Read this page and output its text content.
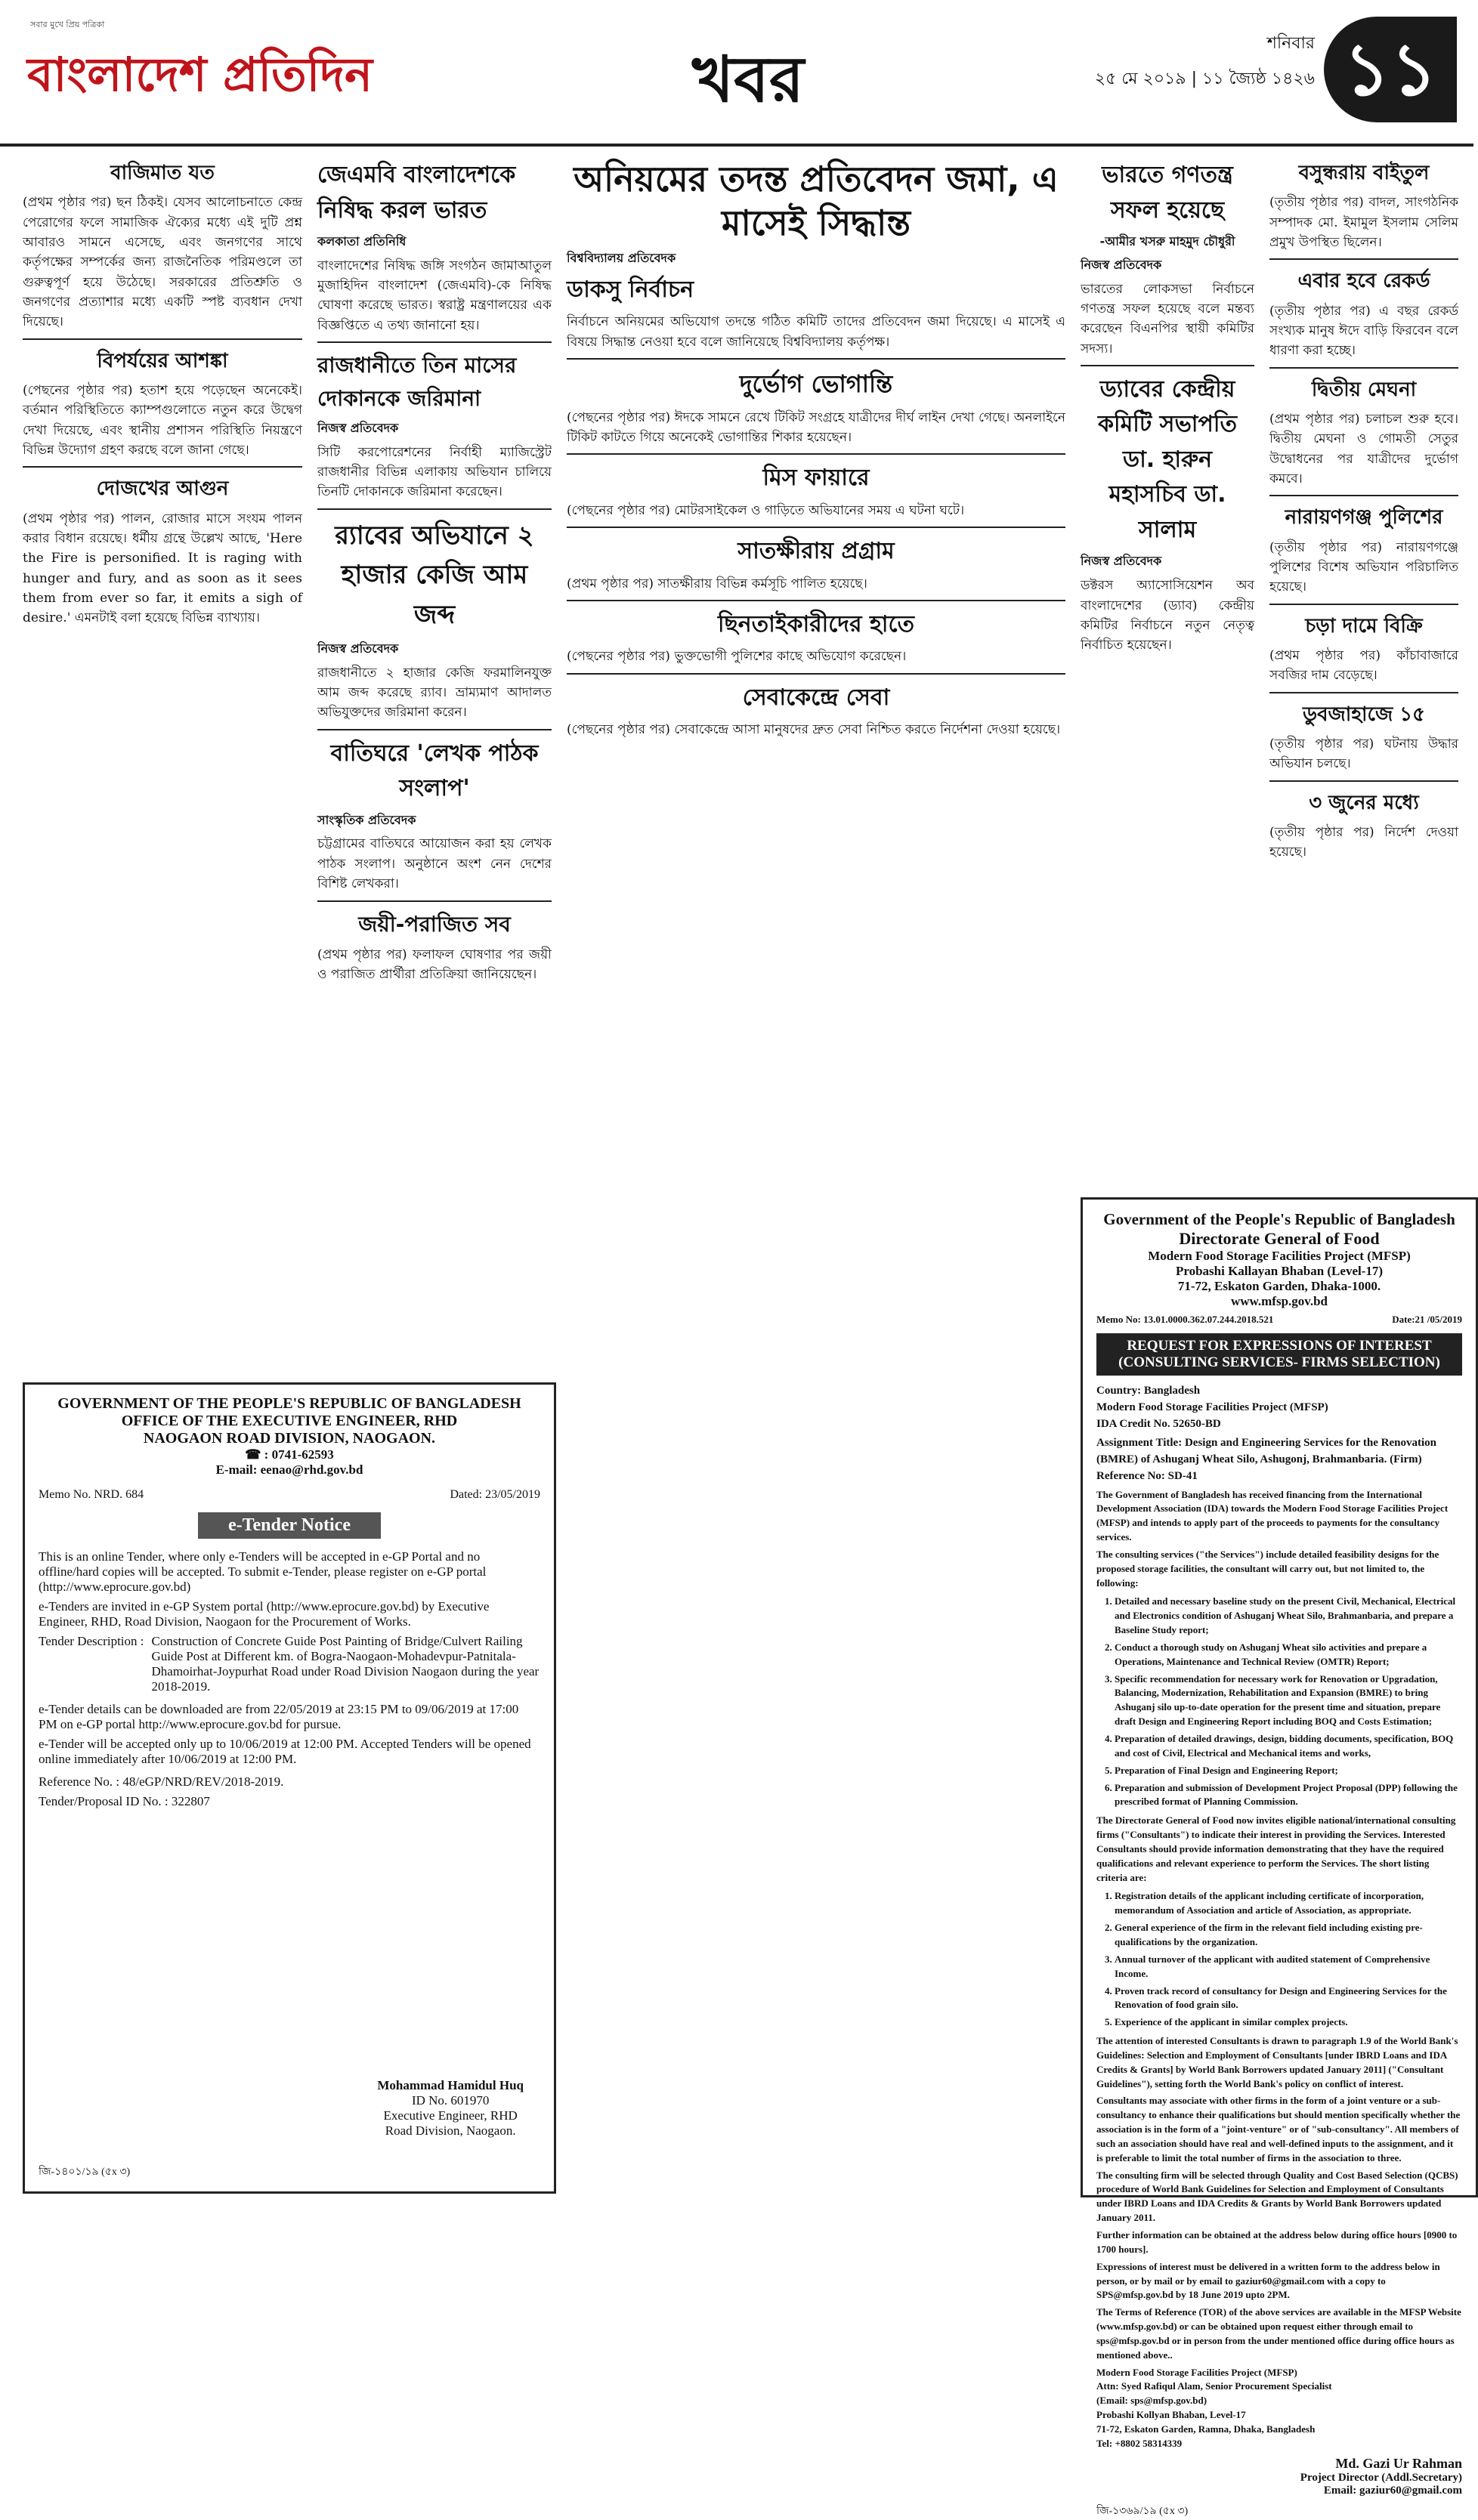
সবার মুখে প্রিয় পত্রিকা
বাংলাদেশ প্রতিদিন	খবর	শনিবার
২৫ মে ২০১৯ | ১১ জ্যৈষ্ঠ ১৪২৬ ১১
বাজিমাত যত

(প্রথম পৃষ্ঠার পর) ছন ঠিকই। যেসব আলোচনাতে কেন্দ্র পেরোগের ফলে সামাজিক ঐক্যের মধ্যে এই দুটি প্রশ্ন আবারও সামনে এসেছে, এবং জনগণের সাথে কর্তৃপক্ষের সম্পর্কের জন্য রাজনৈতিক পরিমণ্ডলে তা গুরুত্বপূর্ণ হয়ে উঠেছে। সরকারের প্রতিশ্রুতি ও জনগণের প্রত্যাশার মধ্যে একটি স্পষ্ট ব্যবধান দেখা দিয়েছে।

বিপর্যয়ের আশঙ্কা

(পেছনের পৃষ্ঠার পর) হতাশ হয়ে পড়েছেন অনেকেই। বর্তমান পরিস্থিতিতে ক্যাম্পগুলোতে নতুন করে উদ্বেগ দেখা দিয়েছে, এবং স্থানীয় প্রশাসন পরিস্থিতি নিয়ন্ত্রণে বিভিন্ন উদ্যোগ গ্রহণ করছে বলে জানা গেছে।

দোজখের আগুন

(প্রথম পৃষ্ঠার পর) পালন, রোজার মাসে সংযম পালন করার বিধান রয়েছে। ধর্মীয় গ্রন্থে উল্লেখ আছে, 'Here the Fire is personified. It is raging with hunger and fury, and as soon as it sees them from ever so far, it emits a sigh of desire.' এমনটাই বলা হয়েছে বিভিন্ন ব্যাখ্যায়।

জেএমবি বাংলাদেশকে নিষিদ্ধ করল ভারত
কলকাতা প্রতিনিধি

বাংলাদেশের নিষিদ্ধ জঙ্গি সংগঠন জামাআতুল মুজাহিদিন বাংলাদেশ (জেএমবি)-কে নিষিদ্ধ ঘোষণা করেছে ভারত। স্বরাষ্ট্র মন্ত্রণালয়ের এক বিজ্ঞপ্তিতে এ তথ্য জানানো হয়।

রাজধানীতে তিন মাসের দোকানকে জরিমানা
নিজস্ব প্রতিবেদক

সিটি করপোরেশনের নির্বাহী ম্যাজিস্ট্রেট রাজধানীর বিভিন্ন এলাকায় অভিযান চালিয়ে তিনটি দোকানকে জরিমানা করেছেন।

র‍্যাবের অভিযানে ২ হাজার কেজি আম জব্দ
নিজস্ব প্রতিবেদক

রাজধানীতে ২ হাজার কেজি ফরমালিনযুক্ত আম জব্দ করেছে র‍্যাব। ভ্রাম্যমাণ আদালত অভিযুক্তদের জরিমানা করেন।

বাতিঘরে 'লেখক পাঠক সংলাপ'
সাংস্কৃতিক প্রতিবেদক

চট্টগ্রামের বাতিঘরে আয়োজন করা হয় লেখক পাঠক সংলাপ। অনুষ্ঠানে অংশ নেন দেশের বিশিষ্ট লেখকরা।

জয়ী-পরাজিত সব

(প্রথম পৃষ্ঠার পর) ফলাফল ঘোষণার পর জয়ী ও পরাজিত প্রার্থীরা প্রতিক্রিয়া জানিয়েছেন।

অনিয়মের তদন্ত প্রতিবেদন জমা, এ মাসেই সিদ্ধান্ত
বিশ্ববিদ্যালয় প্রতিবেদক
ডাকসু নির্বাচন

নির্বাচনে অনিয়মের অভিযোগ তদন্তে গঠিত কমিটি তাদের প্রতিবেদন জমা দিয়েছে। এ মাসেই এ বিষয়ে সিদ্ধান্ত নেওয়া হবে বলে জানিয়েছে বিশ্ববিদ্যালয় কর্তৃপক্ষ।

দুর্ভোগ ভোগান্তি

(পেছনের পৃষ্ঠার পর) ঈদকে সামনে রেখে টিকিট সংগ্রহে যাত্রীদের দীর্ঘ লাইন দেখা গেছে। অনলাইনে টিকিট কাটতে গিয়ে অনেকেই ভোগান্তির শিকার হয়েছেন।

মিস ফায়ারে

(পেছনের পৃষ্ঠার পর) মোটরসাইকেল ও গাড়িতে অভিযানের সময় এ ঘটনা ঘটে।

সাতক্ষীরায় প্রগ্রাম

(প্রথম পৃষ্ঠার পর) সাতক্ষীরায় বিভিন্ন কর্মসূচি পালিত হয়েছে।

ছিনতাইকারীদের হাতে

(পেছনের পৃষ্ঠার পর) ভুক্তভোগী পুলিশের কাছে অভিযোগ করেছেন।

সেবাকেন্দ্রে সেবা

(পেছনের পৃষ্ঠার পর) সেবাকেন্দ্রে আসা মানুষদের দ্রুত সেবা নিশ্চিত করতে নির্দেশনা দেওয়া হয়েছে।

ভারতে গণতন্ত্র সফল হয়েছে
-আমীর খসরু মাহমুদ চৌধুরী
নিজস্ব প্রতিবেদক

ভারতের লোকসভা নির্বাচনে গণতন্ত্র সফল হয়েছে বলে মন্তব্য করেছেন বিএনপির স্থায়ী কমিটির সদস্য।

ড্যাবের কেন্দ্রীয় কমিটি সভাপতি ডা. হারুন মহাসচিব ডা. সালাম
নিজস্ব প্রতিবেদক

ডক্টরস অ্যাসোসিয়েশন অব বাংলাদেশের (ড্যাব) কেন্দ্রীয় কমিটির নির্বাচনে নতুন নেতৃত্ব নির্বাচিত হয়েছেন।

বসুন্ধরায় বাইতুল

(তৃতীয় পৃষ্ঠার পর) বাদল, সাংগঠনিক সম্পাদক মো. ইমামুল ইসলাম সেলিম প্রমুখ উপস্থিত ছিলেন।

এবার হবে রেকর্ড

(তৃতীয় পৃষ্ঠার পর) এ বছর রেকর্ড সংখ্যক মানুষ ঈদে বাড়ি ফিরবেন বলে ধারণা করা হচ্ছে।

দ্বিতীয় মেঘনা

(প্রথম পৃষ্ঠার পর) চলাচল শুরু হবে। দ্বিতীয় মেঘনা ও গোমতী সেতুর উদ্বোধনের পর যাত্রীদের দুর্ভোগ কমবে।

নারায়ণগঞ্জ পুলিশের

(তৃতীয় পৃষ্ঠার পর) নারায়ণগঞ্জে পুলিশের বিশেষ অভিযান পরিচালিত হয়েছে।

চড়া দামে বিক্রি

(প্রথম পৃষ্ঠার পর) কাঁচাবাজারে সবজির দাম বেড়েছে।

ডুবজাহাজে ১৫

(তৃতীয় পৃষ্ঠার পর) ঘটনায় উদ্ধার অভিযান চলছে।

৩ জুনের মধ্যে

(তৃতীয় পৃষ্ঠার পর) নির্দেশ দেওয়া হয়েছে।

Government of the People's Republic of Bangladesh
Directorate General of Food
Modern Food Storage Facilities Project (MFSP)
Probashi Kallayan Bhaban (Level-17)
71-72, Eskaton Garden, Dhaka-1000.
www.mfsp.gov.bd
Memo No: 13.01.0000.362.07.244.2018.521	Date:21 /05/2019
REQUEST FOR EXPRESSIONS OF INTEREST (CONSULTING SERVICES- FIRMS SELECTION)
Country: Bangladesh
Modern Food Storage Facilities Project (MFSP)
IDA Credit No. 52650-BD
Assignment Title: Design and Engineering Services for the Renovation (BMRE) of Ashuganj Wheat Silo, Ashugonj, Brahmanbaria. (Firm)
Reference No: SD-41
The Government of Bangladesh has received financing from the International Development Association (IDA) towards the Modern Food Storage Facilities Project (MFSP) and intends to apply part of the proceeds to payments for the consultancy services.
The consulting services ("the Services") include detailed feasibility designs for the proposed storage facilities, the consultant will carry out, but not limited to, the following:
1. Detailed and necessary baseline study on the present Civil, Mechanical, Electrical and Electronics condition of Ashuganj Wheat Silo, Brahmanbaria, and prepare a Baseline Study report;
2. Conduct a thorough study on Ashuganj Wheat silo activities and prepare a Operations, Maintenance and Technical Review (OMTR) Report;
3. Specific recommendation for necessary work for Renovation or Upgradation, Balancing, Modernization, Rehabilitation and Expansion (BMRE) to bring Ashuganj silo up-to-date operation for the present time and situation, prepare draft Design and Engineering Report including BOQ and Costs Estimation;
4. Preparation of detailed drawings, design, bidding documents, specification, BOQ and cost of Civil, Electrical and Mechanical items and works,
5. Preparation of Final Design and Engineering Report;
6. Preparation and submission of Development Project Proposal (DPP) following the prescribed format of Planning Commission.
The Directorate General of Food now invites eligible national/international consulting firms ("Consultants") to indicate their interest in providing the Services. Interested Consultants should provide information demonstrating that they have the required qualifications and relevant experience to perform the Services. The short listing criteria are:
1. Registration details of the applicant including certificate of incorporation, memorandum of Association and article of Association, as appropriate.
2. General experience of the firm in the relevant field including existing pre-qualifications by the organization.
3. Annual turnover of the applicant with audited statement of Comprehensive Income.
4. Proven track record of consultancy for Design and Engineering Services for the Renovation of food grain silo.
5. Experience of the applicant in similar complex projects.
The attention of interested Consultants is drawn to paragraph 1.9 of the World Bank's Guidelines: Selection and Employment of Consultants [under IBRD Loans and IDA Credits & Grants] by World Bank Borrowers updated January 2011] ("Consultant Guidelines"), setting forth the World Bank's policy on conflict of interest.
Consultants may associate with other firms in the form of a joint venture or a sub-consultancy to enhance their qualifications but should mention specifically whether the association is in the form of a "joint-venture" or of "sub-consultancy". All members of such an association should have real and well-defined inputs to the assignment, and it is preferable to limit the total number of firms in the association to three.
The consulting firm will be selected through Quality and Cost Based Selection (QCBS) procedure of World Bank Guidelines for Selection and Employment of Consultants under IBRD Loans and IDA Credits & Grants by World Bank Borrowers updated January 2011.
Further information can be obtained at the address below during office hours [0900 to 1700 hours].
Expressions of interest must be delivered in a written form to the address below in person, or by mail or by email to gaziur60@gmail.com with a copy to SPS@mfsp.gov.bd by 18 June 2019 upto 2PM.
The Terms of Reference (TOR) of the above services are available in the MFSP Website (www.mfsp.gov.bd) or can be obtained upon request either through email to sps@mfsp.gov.bd or in person from the under mentioned office during office hours as mentioned above..
Modern Food Storage Facilities Project (MFSP)
Attn: Syed Rafiqul Alam, Senior Procurement Specialist
(Email: sps@mfsp.gov.bd)
Probashi Kollyan Bhaban, Level-17
71-72, Eskaton Garden, Ramna, Dhaka, Bangladesh
Tel: +8802 58314339
Md. Gazi Ur Rahman
Project Director (Addl.Secretary)
Email: gaziur60@gmail.com
জি-১৩৬৯/১৯ (৫x ৩)
GOVERNMENT OF THE PEOPLE'S REPUBLIC OF BANGLADESH
OFFICE OF THE EXECUTIVE ENGINEER, RHD
NAOGAON ROAD DIVISION, NAOGAON.
☎ : 0741-62593
E-mail: eenao@rhd.gov.bd
Memo No. NRD. 684	Dated: 23/05/2019
e-Tender Notice

This is an online Tender, where only e-Tenders will be accepted in e-GP Portal and no offline/hard copies will be accepted. To submit e-Tender, please register on e-GP portal (http://www.eprocure.gov.bd)

e-Tenders are invited in e-GP System portal (http://www.eprocure.gov.bd) by Executive Engineer, RHD, Road Division, Naogaon for the Procurement of Works.

Tender Description : Construction of Concrete Guide Post Painting of Bridge/Culvert Railing Guide Post at Different km. of Bogra-Naogaon-Mohadevpur-Patnitala-Dhamoirhat-Joypurhat Road under Road Division Naogaon during the year 2018-2019.

e-Tender details can be downloaded are from 22/05/2019 at 23:15 PM to 09/06/2019 at 17:00 PM on e-GP portal http://www.eprocure.gov.bd for pursue.

e-Tender will be accepted only up to 10/06/2019 at 12:00 PM. Accepted Tenders will be opened online immediately after 10/06/2019 at 12:00 PM.

Reference No. : 48/eGP/NRD/REV/2018-2019.

Tender/Proposal ID No. : 322807

Mohammad Hamidul Huq
ID No. 601970
Executive Engineer, RHD
Road Division, Naogaon.
জি-১৪০১/১৯ (৫x ৩)
